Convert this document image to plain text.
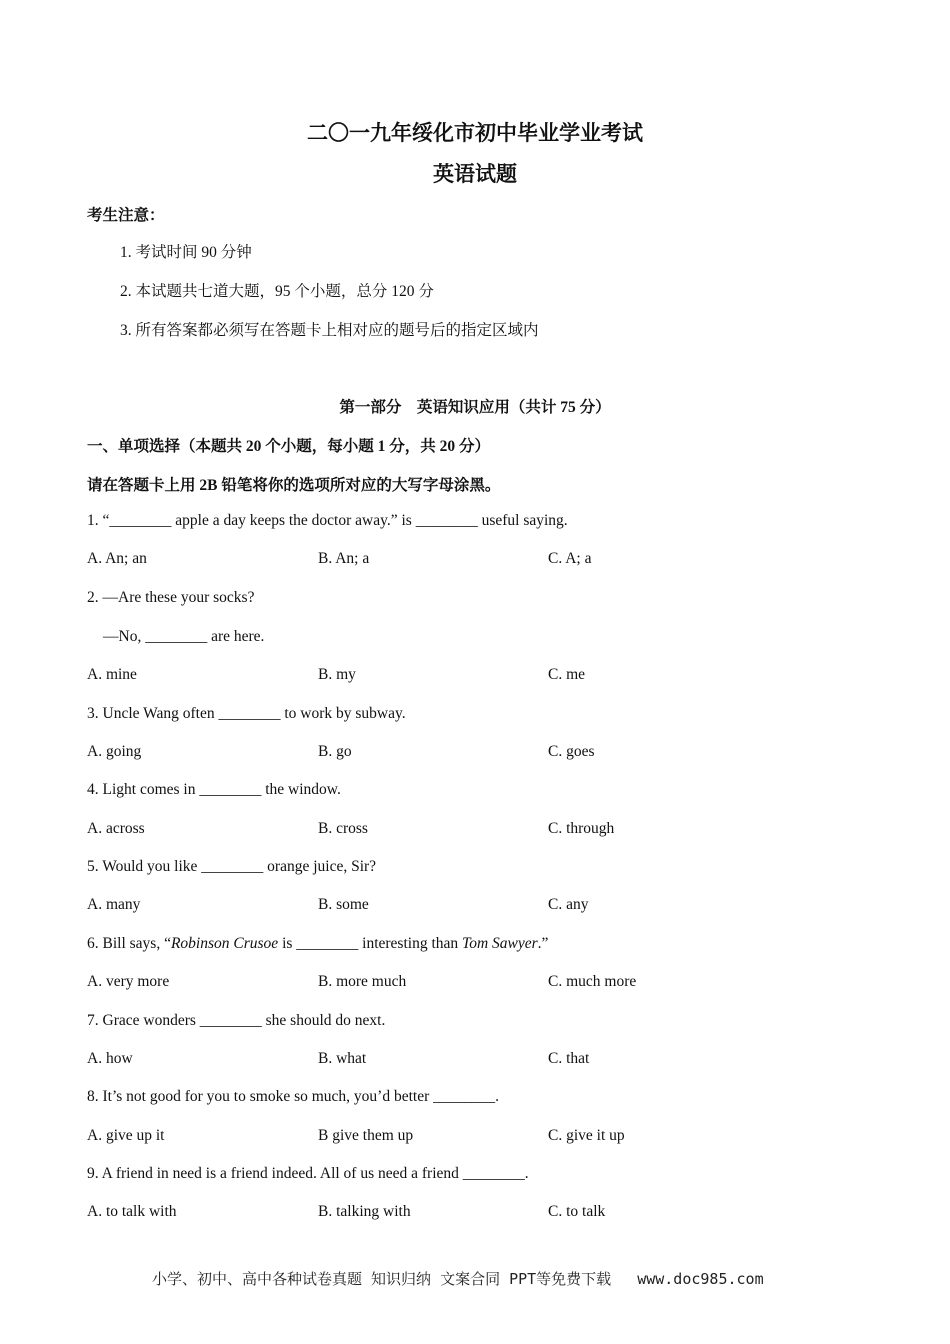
二〇一九年绥化市初中毕业学业考试
英语试题
考生注意：
1. 考试时间 90 分钟
2. 本试题共七道大题，95 个小题，总分 120 分
3. 所有答案都必须写在答题卡上相对应的题号后的指定区域内
第一部分　英语知识应用（共计 75 分）
一、单项选择（本题共 20 个小题，每小题 1 分，共 20 分）
请在答题卡上用 2B 铅笔将你的选项所对应的大写字母涂黑。
1. “________ apple a day keeps the doctor away.” is ________ useful saying.
A. An; an	B. An; a	C. A; a
2. —Are these your socks?
—No, ________ are here.
A. mine	B. my	C. me
3. Uncle Wang often ________ to work by subway.
A. going	B. go	C. goes
4. Light comes in ________ the window.
A. across	B. cross	C. through
5. Would you like ________ orange juice, Sir?
A. many	B. some	C. any
6. Bill says, “Robinson Crusoe is ________ interesting than Tom Sawyer.”
A. very more	B. more much	C. much more
7. Grace wonders ________ she should do next.
A. how	B. what	C. that
8. It’s not good for you to smoke so much, you’d better ________.
A. give up it	B give them up	C. give it up
9. A friend in need is a friend indeed. All of us need a friend ________.
A. to talk with	B. talking with	C. to talk
小学、初中、高中各种试卷真题 知识归纳 文案合同 PPT等免费下载 www.doc985.com
